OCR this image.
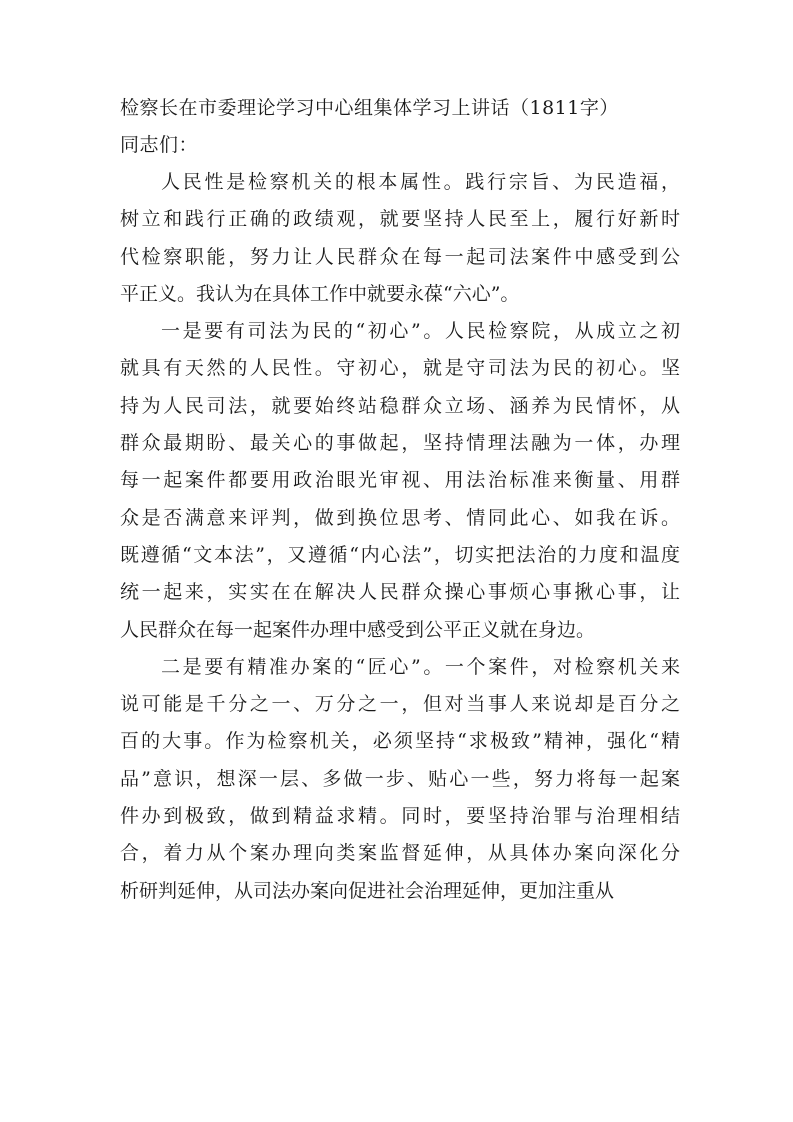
检察长在市委理论学习中心组集体学习上讲话（1811字）

同志们：

人民性是检察机关的根本属性。践行宗旨、为民造福，
树立和践行正确的政绩观，就要坚持人民至上，履行好新时
代检察职能，努力让人民群众在每一起司法案件中感受到公
平正义。我认为在具体工作中就要永葆“六心”。

一是要有司法为民的“初心”。人民检察院，从成立之初
就具有天然的人民性。守初心，就是守司法为民的初心。坚
持为人民司法，就要始终站稳群众立场、涵养为民情怀，从
群众最期盼、最关心的事做起，坚持情理法融为一体，办理
每一起案件都要用政治眼光审视、用法治标准来衡量、用群
众是否满意来评判，做到换位思考、情同此心、如我在诉。
既遵循“文本法”，又遵循“内心法”，切实把法治的力度和温度
统一起来，实实在在解决人民群众操心事烦心事揪心事，让
人民群众在每一起案件办理中感受到公平正义就在身边。

二是要有精准办案的“匠心”。一个案件，对检察机关来
说可能是千分之一、万分之一，但对当事人来说却是百分之
百的大事。作为检察机关，必须坚持“求极致”精神，强化“精
品”意识，想深一层、多做一步、贴心一些，努力将每一起案
件办到极致，做到精益求精。同时，要坚持治罪与治理相结
合，着力从个案办理向类案监督延伸，从具体办案向深化分
析研判延伸，从司法办案向促进社会治理延伸，更加注重从
